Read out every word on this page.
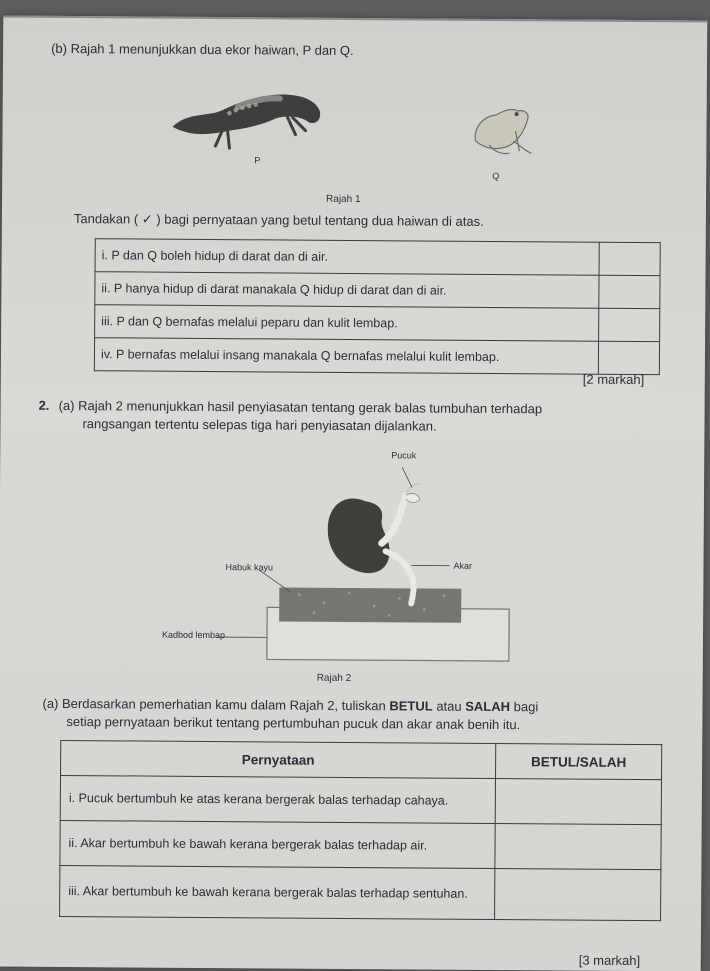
(b) Rajah 1 menunjukkan dua ekor haiwan, P dan Q.
P
Q
Rajah 1
Tandakan ( ✓ ) bagi pernyataan yang betul tentang dua haiwan di atas.
i. P dan Q boleh hidup di darat dan di air.	
ii. P hanya hidup di darat manakala Q hidup di darat dan di air.	
iii. P dan Q bernafas melalui peparu dan kulit lembap.	
iv. P bernafas melalui insang manakala Q bernafas melalui kulit lembap.	
[2 markah]
2. (a) Rajah 2 menunjukkan hasil penyiasatan tentang gerak balas tumbuhan terhadap
rangsangan tertentu selepas tiga hari penyiasatan dijalankan.
Pucuk
Habuk kayu	Akar
Kadbod lembap
Rajah 2
(a) Berdasarkan pemerhatian kamu dalam Rajah 2, tuliskan BETUL atau SALAH bagi
setiap pernyataan berikut tentang pertumbuhan pucuk dan akar anak benih itu.
Pernyataan	BETUL/SALAH
i. Pucuk bertumbuh ke atas kerana bergerak balas terhadap cahaya.	
ii. Akar bertumbuh ke bawah kerana bergerak balas terhadap air.	
iii. Akar bertumbuh ke bawah kerana bergerak balas terhadap sentuhan.	
[3 markah]
